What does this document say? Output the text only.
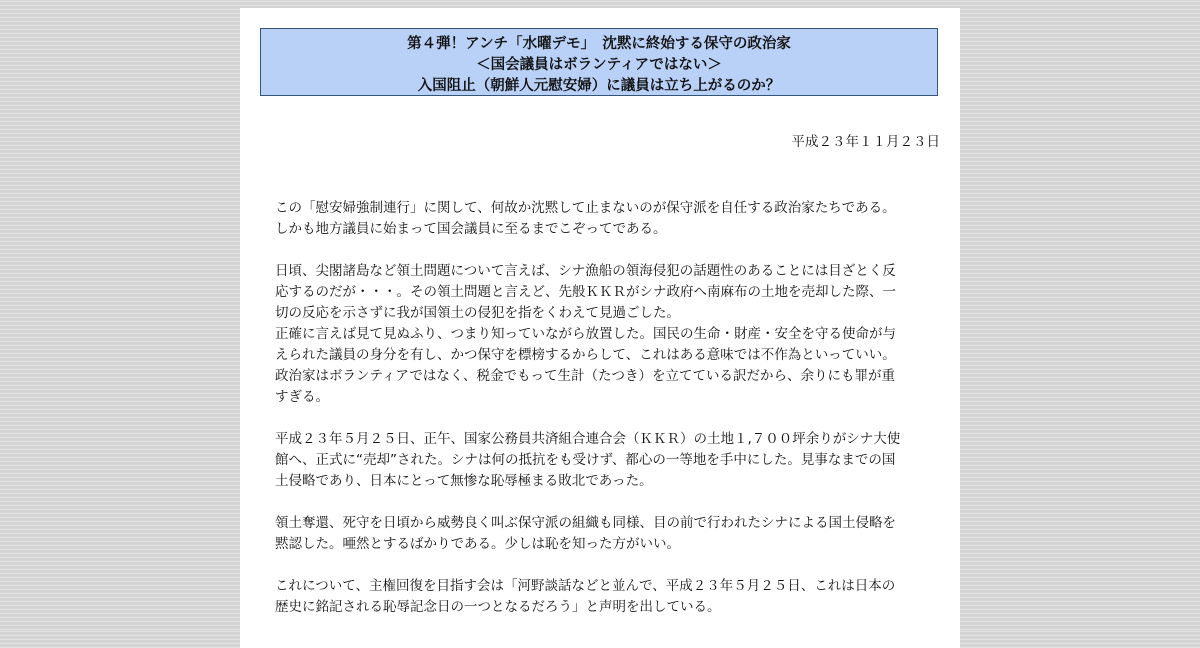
第４弾！アンチ「水曜デモ」　沈黙に終始する保守の政治家
＜国会議員はボランティアではない＞
入国阻止（朝鮮人元慰安婦）に議員は立ち上がるのか？
平成２３年１１月２３日

この「慰安婦強制連行」に関して、何故か沈黙して止まないのが保守派を自任する政治家たちである。
しかも地方議員に始まって国会議員に至るまでこぞってである。

日頃、尖閣諸島など領土問題について言えば、シナ漁船の領海侵犯の話題性のあることには目ざとく反
応するのだが・・・。その領土問題と言えど、先般ＫＫＲがシナ政府へ南麻布の土地を売却した際、一
切の反応を示さずに我が国領土の侵犯を指をくわえて見過ごした。
正確に言えば見て見ぬふり、つまり知っていながら放置した。国民の生命・財産・安全を守る使命が与
えられた議員の身分を有し、かつ保守を標榜するからして、これはある意味では不作為といっていい。
政治家はボランティアではなく、税金でもって生計（たつき）を立てている訳だから、余りにも罪が重
すぎる。

平成２３年５月２５日、正午、国家公務員共済組合連合会（ＫＫＲ）の土地１,７００坪余りがシナ大使
館へ、正式に“売却”された。シナは何の抵抗をも受けず、都心の一等地を手中にした。見事なまでの国
土侵略であり、日本にとって無惨な恥辱極まる敗北であった。

領土奪還、死守を日頃から威勢良く叫ぶ保守派の組織も同様、目の前で行われたシナによる国土侵略を
黙認した。唖然とするばかりである。少しは恥を知った方がいい。

これについて、主権回復を目指す会は「河野談話などと並んで、平成２３年５月２５日、これは日本の
歴史に銘記される恥辱記念日の一つとなるだろう」と声明を出している。
